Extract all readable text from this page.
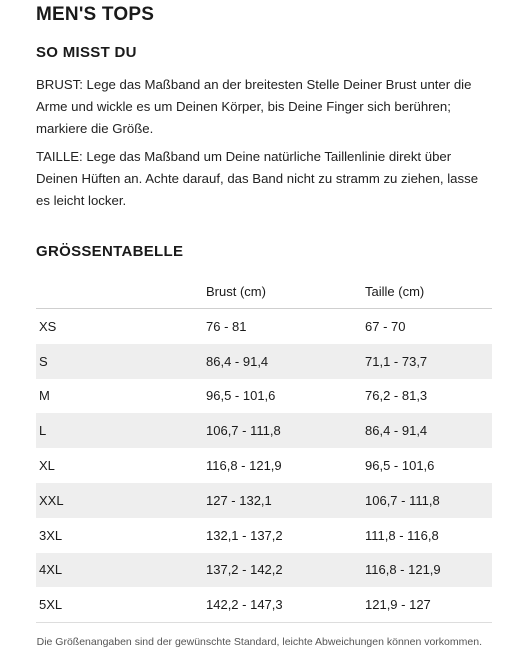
MEN'S TOPS
SO MISST DU

BRUST: Lege das Maßband an der breitesten Stelle Deiner Brust unter die
Arme und wickle es um Deinen Körper, bis Deine Finger sich berühren;
markiere die Größe.

TAILLE: Lege das Maßband um Deine natürliche Taillenlinie direkt über
Deinen Hüften an. Achte darauf, das Band nicht zu stramm zu ziehen, lasse
es leicht locker.

GRÖSSENTABELLE
	Brust (cm)	Taille (cm)
XS	76 - 81	67 - 70
S	86,4 - 91,4	71,1 - 73,7
M	96,5 - 101,6	76,2 - 81,3
L	106,7 - 111,8	86,4 - 91,4
XL	116,8 - 121,9	96,5 - 101,6
XXL	127 - 132,1	106,7 - 111,8
3XL	132,1 - 137,2	111,8 - 116,8
4XL	137,2 - 142,2	116,8 - 121,9
5XL	142,2 - 147,3	121,9 - 127

Die Größenangaben sind der gewünschte Standard, leichte Abweichungen können vorkommen.
